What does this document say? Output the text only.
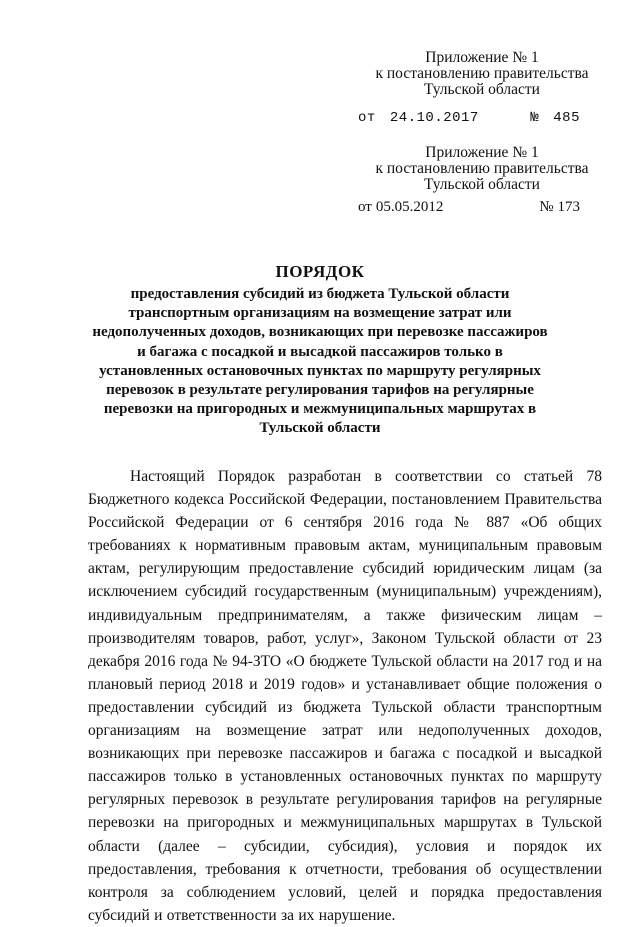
Приложение № 1
к постановлению правительства
Тульской области
от 24.10.2017	№ 485
Приложение № 1
к постановлению правительства
Тульской области
от 05.05.2012	№ 173
ПОРЯДОК
предоставления субсидий из бюджета Тульской области транспортным организациям на возмещение затрат или недополученных доходов, возникающих при перевозке пассажиров и багажа с посадкой и высадкой пассажиров только в установленных остановочных пунктах по маршруту регулярных перевозок в результате регулирования тарифов на регулярные перевозки на пригородных и межмуниципальных маршрутах в Тульской области
Настоящий Порядок разработан в соответствии со статьей 78 Бюджетного кодекса Российской Федерации, постановлением Правительства Российской Федерации от 6 сентября 2016 года № 887 «Об общих требованиях к нормативным правовым актам, муниципальным правовым актам, регулирующим предоставление субсидий юридическим лицам (за исключением субсидий государственным (муниципальным) учреждениям), индивидуальным предпринимателям, а также физическим лицам – производителям товаров, работ, услуг», Законом Тульской области от 23 декабря 2016 года № 94-ЗТО «О бюджете Тульской области на 2017 год и на плановый период 2018 и 2019 годов» и устанавливает общие положения о предоставлении субсидий из бюджета Тульской области транспортным организациям на возмещение затрат или недополученных доходов, возникающих при перевозке пассажиров и багажа с посадкой и высадкой пассажиров только в установленных остановочных пунктах по маршруту регулярных перевозок в результате регулирования тарифов на регулярные перевозки на пригородных и межмуниципальных маршрутах в Тульской области (далее – субсидии, субсидия), условия и порядок их предоставления, требования к отчетности, требования об осуществлении контроля за соблюдением условий, целей и порядка предоставления субсидий и ответственности за их нарушение.
